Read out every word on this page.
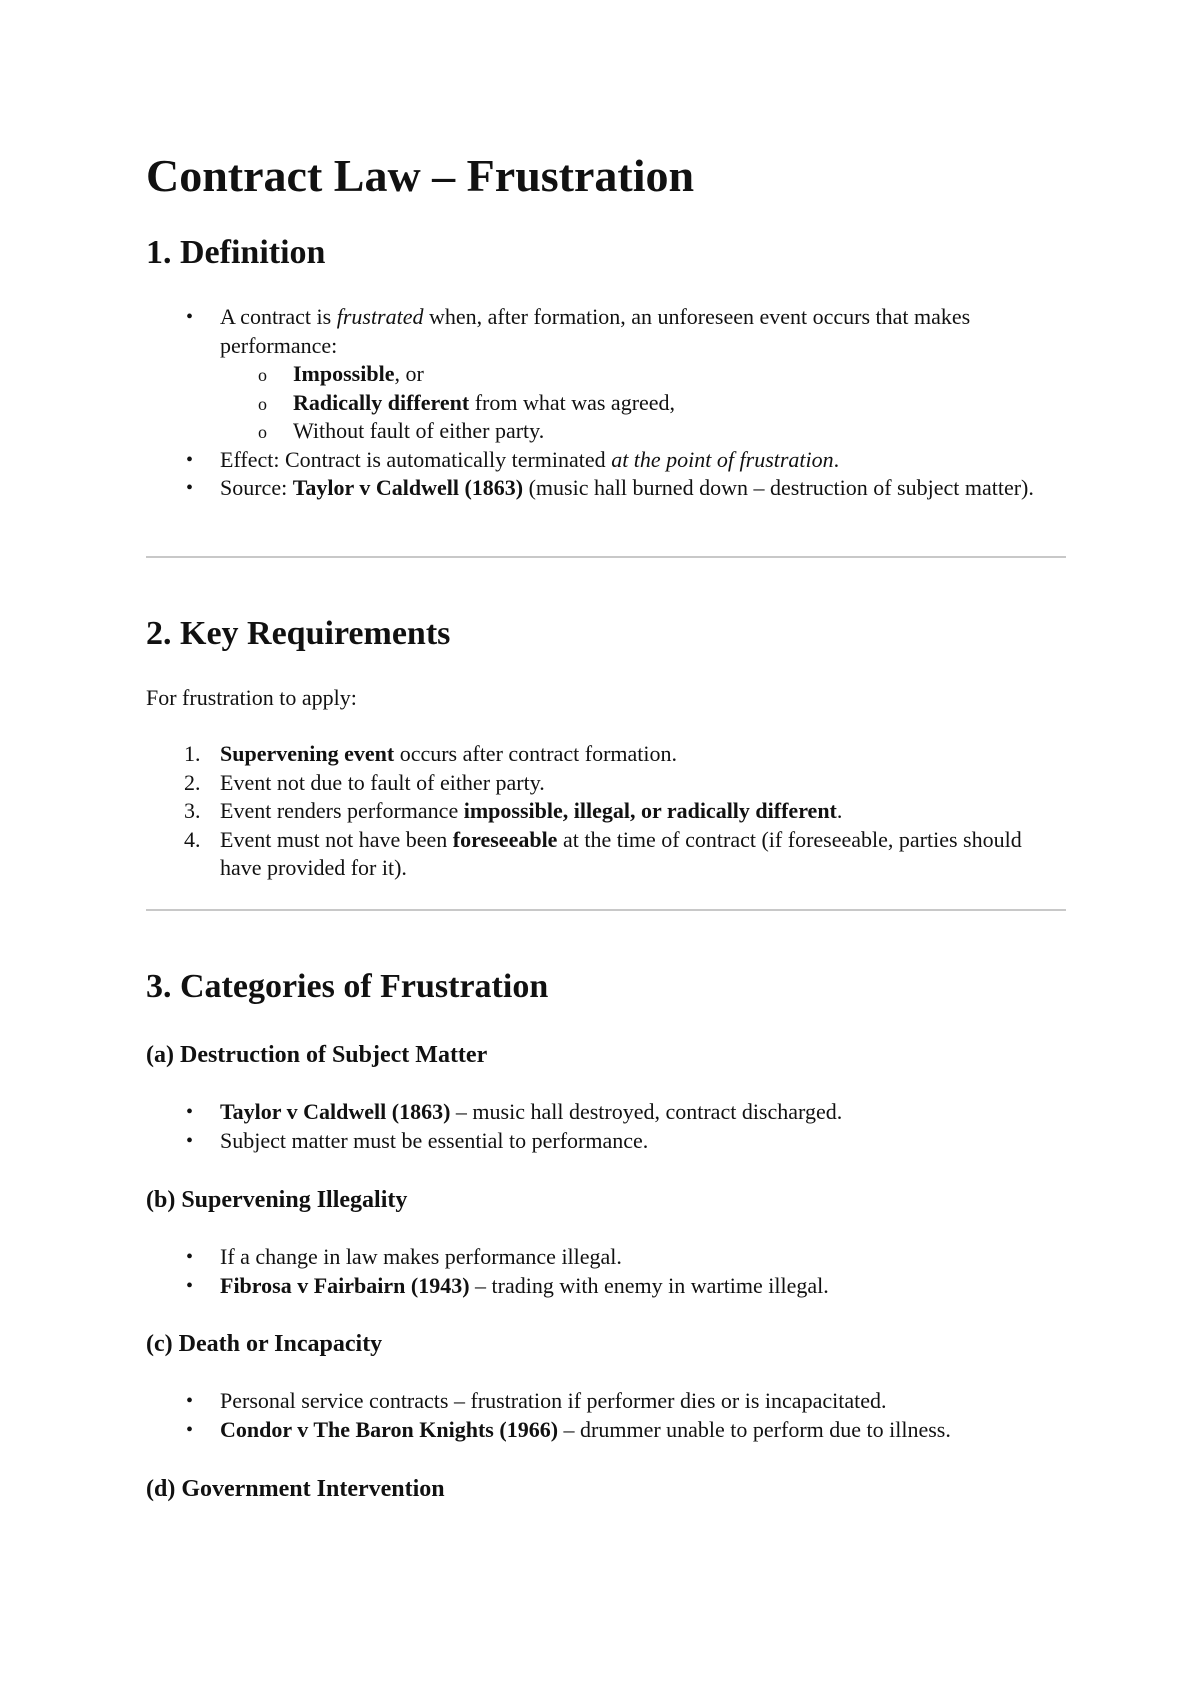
Contract Law – Frustration
1. Definition
• A contract is frustrated when, after formation, an unforeseen event occurs that makes performance:
o Impossible, or
o Radically different from what was agreed,
o Without fault of either party.
• Effect: Contract is automatically terminated at the point of frustration.
• Source: Taylor v Caldwell (1863) (music hall burned down – destruction of subject matter).
2. Key Requirements

For frustration to apply:

1. Supervening event occurs after contract formation.
2. Event not due to fault of either party.
3. Event renders performance impossible, illegal, or radically different.
4. Event must not have been foreseeable at the time of contract (if foreseeable, parties should have provided for it).
3. Categories of Frustration
(a) Destruction of Subject Matter
• Taylor v Caldwell (1863) – music hall destroyed, contract discharged.
• Subject matter must be essential to performance.
(b) Supervening Illegality
• If a change in law makes performance illegal.
• Fibrosa v Fairbairn (1943) – trading with enemy in wartime illegal.
(c) Death or Incapacity
• Personal service contracts – frustration if performer dies or is incapacitated.
• Condor v The Baron Knights (1966) – drummer unable to perform due to illness.
(d) Government Intervention
